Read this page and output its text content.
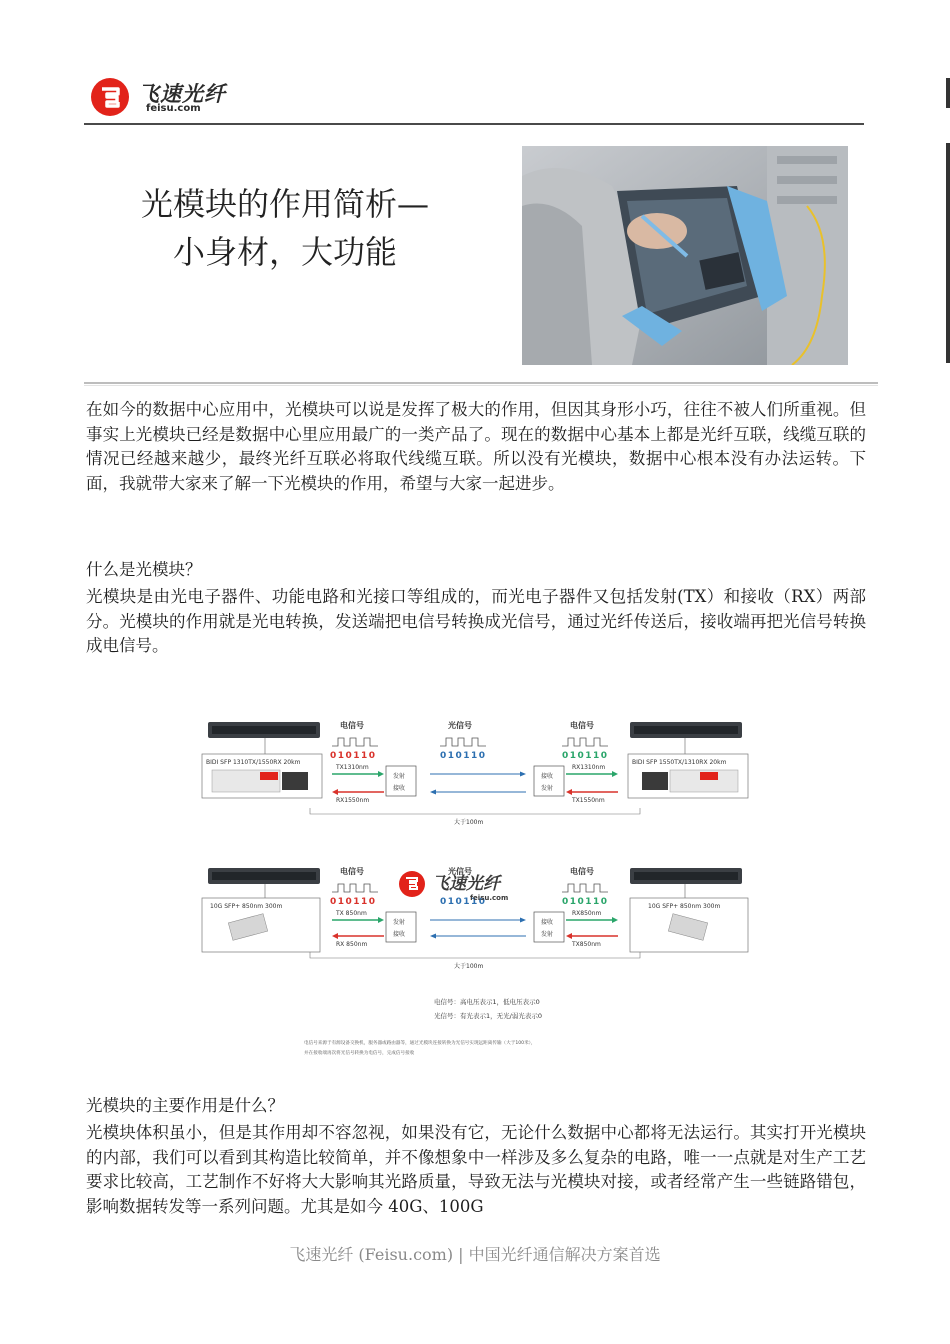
飞速光纤
feisu.com
光模块的作用简析—
小身材，大功能
在如今的数据中心应用中，光模块可以说是发挥了极大的作用，但因其身形小巧，往往不被人们所重视。但事实上光模块已经是数据中心里应用最广的一类产品了。现在的数据中心基本上都是光纤互联，线缆互联的情况已经越来越少，最终光纤互联必将取代线缆互联。所以没有光模块，数据中心根本没有办法运转。下面，我就带大家来了解一下光模块的作用，希望与大家一起进步。
什么是光模块？
光模块是由光电子器件、功能电路和光接口等组成的，而光电子器件又包括发射(TX）和接收（RX）两部分。光模块的作用就是光电转换，发送端把电信号转换成光信号，通过光纤传送后，接收端再把光信号转换成电信号。
BIDI SFP 1310TX/1550RX 20km	BIDI SFP 1550TX/1310RX 20km
电信号	光信号	电信号
010110	010110	010110
TX1310nm
RX1550nm
RX1310nm
TX1550nm
发射
接收
接收
发射
大于100m
10G SFP+ 850nm 300m	10G SFP+ 850nm 300m
电信号	光信号	电信号
010110	010110	010110
飞速光纤
feisu.com
TX 850nm
RX 850nm
RX850nm
TX850nm
发射
接收
接收
发射
大于100m
电信号：高电压表示1，低电压表示0
光信号：有光表示1，无光/弱光表示0
电信号来源于有源设备交换机，服务器或路由器等，通过光模块连接转换为光信号实现远距离传输（大于100米），
并在接收端再次将光信号转换为电信号，完成信号接收
光模块的主要作用是什么？
光模块体积虽小，但是其作用却不容忽视，如果没有它，无论什么数据中心都将无法运行。其实打开光模块的内部，我们可以看到其构造比较简单，并不像想象中一样涉及多么复杂的电路，唯一一点就是对生产工艺要求比较高，工艺制作不好将大大影响其光路质量，导致无法与光模块对接，或者经常产生一些链路错包，影响数据转发等一系列问题。尤其是如今 40G、100G
飞速光纤 (Feisu.com) | 中国光纤通信解决方案首选
